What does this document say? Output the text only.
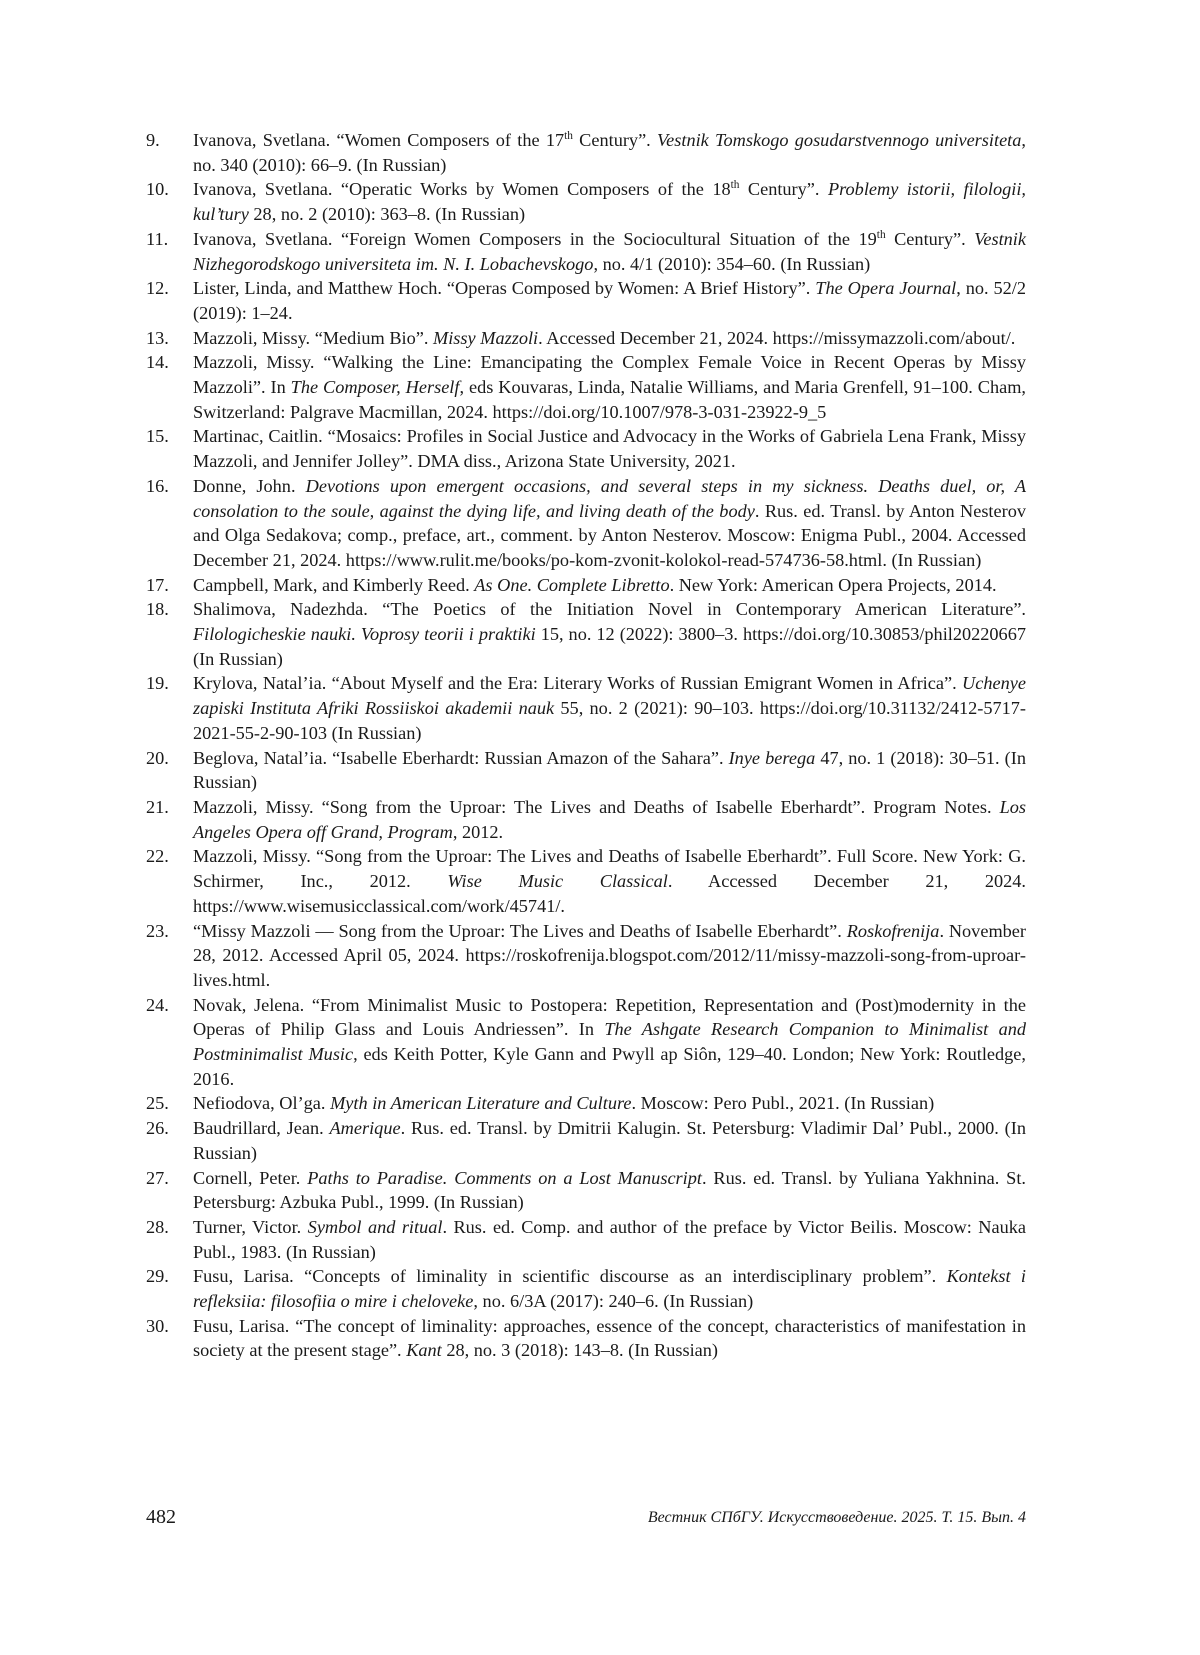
9. Ivanova, Svetlana. “Women Composers of the 17th Century”. Vestnik Tomskogo gosudarstvennogo universiteta, no. 340 (2010): 66–9. (In Russian)
10. Ivanova, Svetlana. “Operatic Works by Women Composers of the 18th Century”. Problemy istorii, filologii, kul’tury 28, no. 2 (2010): 363–8. (In Russian)
11. Ivanova, Svetlana. “Foreign Women Composers in the Sociocultural Situation of the 19th Century”. Vestnik Nizhegorodskogo universiteta im. N. I. Lobachevskogo, no. 4/1 (2010): 354–60. (In Russian)
12. Lister, Linda, and Matthew Hoch. “Operas Composed by Women: A Brief History”. The Opera Journal, no. 52/2 (2019): 1–24.
13. Mazzoli, Missy. “Medium Bio”. Missy Mazzoli. Accessed December 21, 2024. https://missymazzoli.com/about/.
14. Mazzoli, Missy. “Walking the Line: Emancipating the Complex Female Voice in Recent Operas by Missy Mazzoli”. In The Composer, Herself, eds Kouvaras, Linda, Natalie Williams, and Maria Grenfell, 91–100. Cham, Switzerland: Palgrave Macmillan, 2024. https://doi.org/10.1007/978-3-031-23922-9_5
15. Martinac, Caitlin. “Mosaics: Profiles in Social Justice and Advocacy in the Works of Gabriela Lena Frank, Missy Mazzoli, and Jennifer Jolley”. DMA diss., Arizona State University, 2021.
16. Donne, John. Devotions upon emergent occasions, and several steps in my sickness. Deaths duel, or, A consolation to the soule, against the dying life, and living death of the body. Rus. ed. Transl. by Anton Nesterov and Olga Sedakova; comp., preface, art., comment. by Anton Nesterov. Moscow: Enigma Publ., 2004. Accessed December 21, 2024. https://www.rulit.me/books/po-kom-zvonit-kolokol-read-574736-58.html. (In Russian)
17. Campbell, Mark, and Kimberly Reed. As One. Complete Libretto. New York: American Opera Projects, 2014.
18. Shalimova, Nadezhda. “The Poetics of the Initiation Novel in Contemporary American Literature”. Filologicheskie nauki. Voprosy teorii i praktiki 15, no. 12 (2022): 3800–3. https://doi.org/10.30853/phil20220667 (In Russian)
19. Krylova, Natal’ia. “About Myself and the Era: Literary Works of Russian Emigrant Women in Africa”. Uchenye zapiski Instituta Afriki Rossiiskoi akademii nauk 55, no. 2 (2021): 90–103. https://doi.org/10.31132/2412-5717-2021-55-2-90-103 (In Russian)
20. Beglova, Natal’ia. “Isabelle Eberhardt: Russian Amazon of the Sahara”. Inye berega 47, no. 1 (2018): 30–51. (In Russian)
21. Mazzoli, Missy. “Song from the Uproar: The Lives and Deaths of Isabelle Eberhardt”. Program Notes. Los Angeles Opera off Grand, Program, 2012.
22. Mazzoli, Missy. “Song from the Uproar: The Lives and Deaths of Isabelle Eberhardt”. Full Score. New York: G. Schirmer, Inc., 2012. Wise Music Classical. Accessed December 21, 2024. https://www.wisemusicclassical.com/work/45741/.
23. “Missy Mazzoli — Song from the Uproar: The Lives and Deaths of Isabelle Eberhardt”. Roskofrenija. November 28, 2012. Accessed April 05, 2024. https://roskofrenija.blogspot.com/2012/11/missy-mazzoli-song-from-uproar-lives.html.
24. Novak, Jelena. “From Minimalist Music to Postopera: Repetition, Representation and (Post)modernity in the Operas of Philip Glass and Louis Andriessen”. In The Ashgate Research Companion to Minimalist and Postminimalist Music, eds Keith Potter, Kyle Gann and Pwyll ap Siôn, 129–40. London; New York: Routledge, 2016.
25. Nefiodova, Ol’ga. Myth in American Literature and Culture. Moscow: Pero Publ., 2021. (In Russian)
26. Baudrillard, Jean. Amerique. Rus. ed. Transl. by Dmitrii Kalugin. St. Petersburg: Vladimir Dal’ Publ., 2000. (In Russian)
27. Cornell, Peter. Paths to Paradise. Comments on a Lost Manuscript. Rus. ed. Transl. by Yuliana Yakhnina. St. Petersburg: Azbuka Publ., 1999. (In Russian)
28. Turner, Victor. Symbol and ritual. Rus. ed. Comp. and author of the preface by Victor Beilis. Moscow: Nauka Publ., 1983. (In Russian)
29. Fusu, Larisa. “Concepts of liminality in scientific discourse as an interdisciplinary problem”. Kontekst i refleksiia: filosofiia o mire i cheloveke, no. 6/3A (2017): 240–6. (In Russian)
30. Fusu, Larisa. “The concept of liminality: approaches, essence of the concept, characteristics of manifestation in society at the present stage”. Kant 28, no. 3 (2018): 143–8. (In Russian)
482	Вестник СПбГУ. Искусствоведение. 2025. Т. 15. Вып. 4
